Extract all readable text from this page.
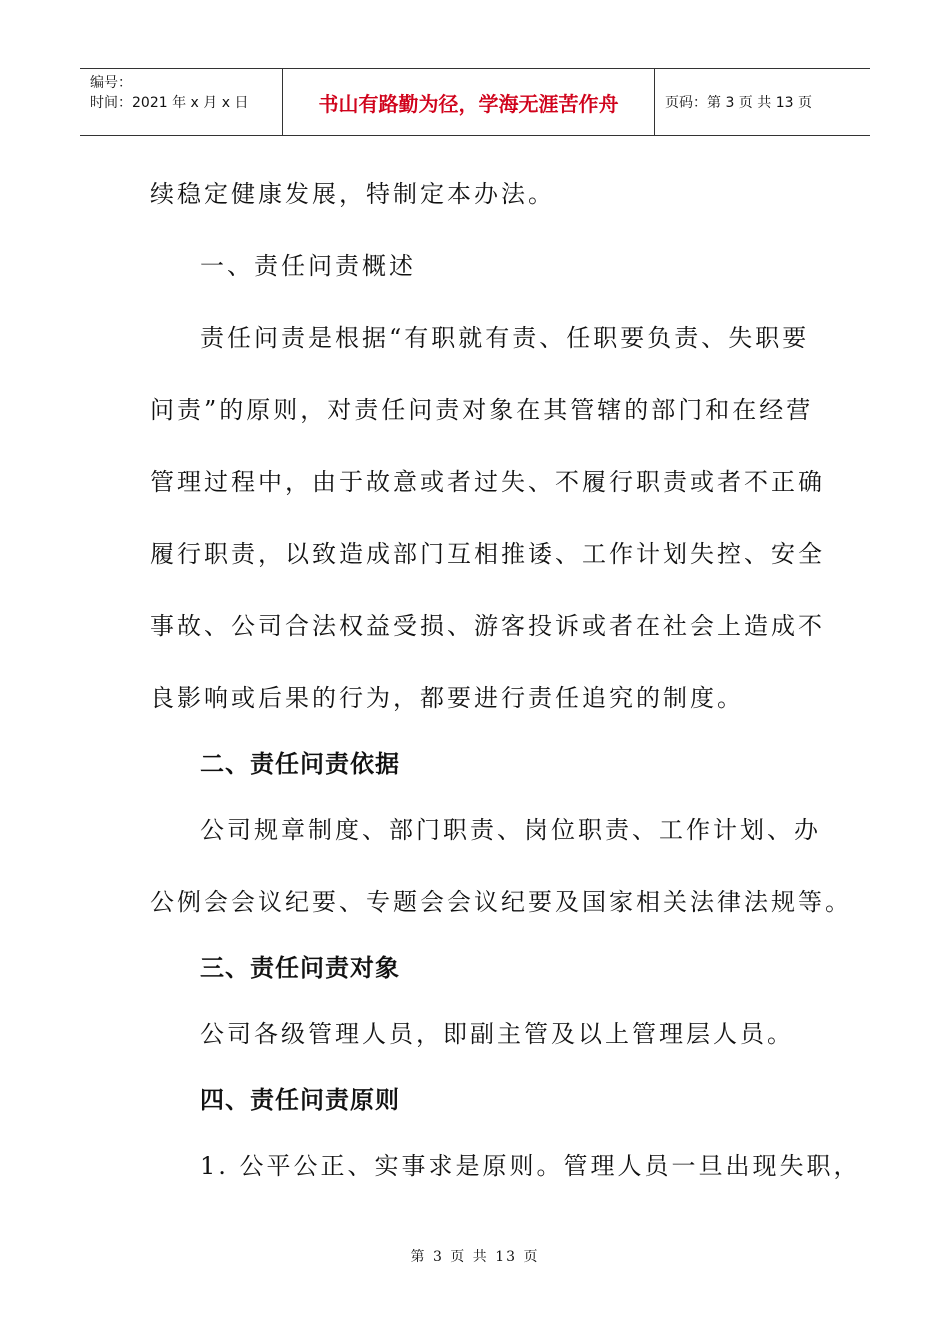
编号：
时间：2021 年 x 月 x 日	书山有路勤为径，学海无涯苦作舟	页码：第 3 页 共 13 页

续稳定健康发展，特制定本办法。

一、责任问责概述

责任问责是根据“有职就有责、任职要负责、失职要

问责”的原则，对责任问责对象在其管辖的部门和在经营

管理过程中，由于故意或者过失、不履行职责或者不正确

履行职责，以致造成部门互相推诿、工作计划失控、安全

事故、公司合法权益受损、游客投诉或者在社会上造成不

良影响或后果的行为，都要进行责任追究的制度。

二、责任问责依据

公司规章制度、部门职责、岗位职责、工作计划、办

公例会会议纪要、专题会会议纪要及国家相关法律法规等。

三、责任问责对象

公司各级管理人员，即副主管及以上管理层人员。

四、责任问责原则

1. 公平公正、实事求是原则。管理人员一旦出现失职，

第 3 页 共 13 页
